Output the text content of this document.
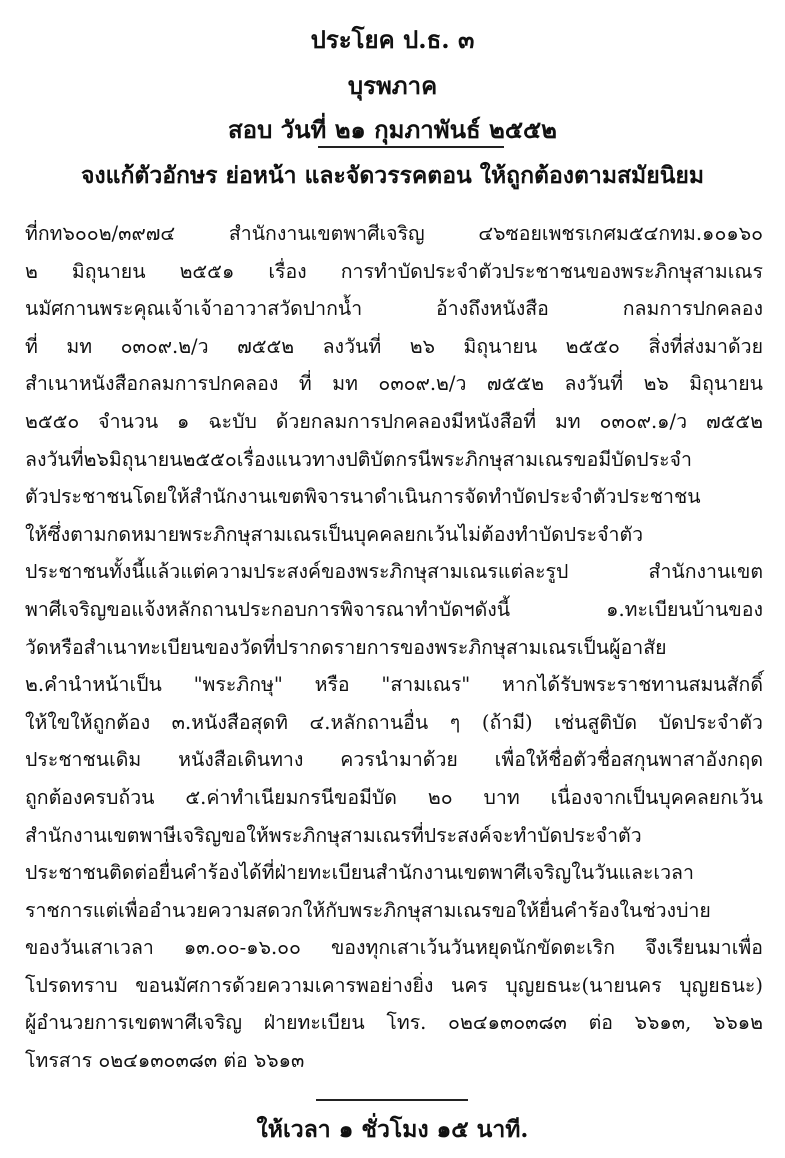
ประโยค ป.ธ. ๓
บุรพภาค
สอบ วันที่ ๒๑ กุมภาพันธ์ ๒๕๕๒
จงแก้ตัวอักษร ย่อหน้า และจัดวรรคตอน ให้ถูกต้องตามสมัยนิยม
ที่กท๖๐๐๒/๓๙๗๔ สำนักงานเขตพาศีเจริญ ๔๖ซอยเพชรเกศม๕๔กทม.๑๐๑๖๐
๒ มิถุนายน ๒๕๕๑ เรื่อง การทำบัดประจำตัวประชาชนของพระภิกษุสามเณร
นมัศกานพระคุณเจ้าเจ้าอาวาสวัดปากน้ำ อ้างถึงหนังสือ กลมการปกคลอง
ที่ มท ๐๓๐๙.๒/ว ๗๕๕๒ ลงวันที่ ๒๖ มิถุนายน ๒๕๕๐ สิ่งที่ส่งมาด้วย
สำเนาหนังสือกลมการปกคลอง ที่ มท ๐๓๐๙.๒/ว ๗๕๕๒ ลงวันที่ ๒๖ มิถุนายน
๒๕๕๐ จำนวน ๑ ฉะบับ ด้วยกลมการปกคลองมีหนังสือที่ มท ๐๓๐๙.๑/ว ๗๕๕๒
ลงวันที่๒๖มิถุนายน๒๕๕๐เรื่องแนวทางปติบัตกรนีพระภิกษุสามเณรขอมีบัดประจำ
ตัวประชาชนโดยให้สำนักงานเขตพิจารนาดำเนินการจัดทำบัดประจำตัวประชาชน
ให้ซึ่งตามกดหมายพระภิกษุสามเณรเป็นบุคคลยกเว้นไม่ต้องทำบัดประจำตัว
ประชาชนทั้งนี้แล้วแต่ความประสงค์ของพระภิกษุสามเณรแต่ละรูป สำนักงานเขต
พาศีเจริญขอแจ้งหลักถานประกอบการพิจารณาทำบัดฯดังนี้ ๑.ทะเบียนบ้านของ
วัดหรือสำเนาทะเบียนของวัดที่ปรากดรายการของพระภิกษุสามเณรเป็นผู้อาสัย
๒.คำนำหน้าเป็น "พระภิกษุ" หรือ "สามเณร" หากได้รับพระราชทานสมนสักดิ์
ให้ใขให้ถูกต้อง ๓.หนังสือสุดทิ ๔.หลักถานอื่น ๆ (ถ้ามี) เช่นสูติบัด บัดประจำตัว
ประชาชนเดิม หนังสือเดินทาง ควรนำมาด้วย เพื่อให้ชื่อตัวชื่อสกุนพาสาอังกฤด
ถูกต้องครบถ้วน ๕.ค่าทำเนียมกรนีขอมีบัด ๒๐ บาท เนื่องจากเป็นบุคคลยกเว้น
สำนักงานเขตพาษีเจริญขอให้พระภิกษุสามเณรที่ประสงค์จะทำบัดประจำตัว
ประชาชนติดต่อยื่นคำร้องได้ที่ฝ่ายทะเบียนสำนักงานเขตพาศีเจริญในวันและเวลา
ราชการแต่เพื่ออำนวยความสดวกให้กับพระภิกษุสามเณรขอให้ยื่นคำร้องในช่วงบ่าย
ของวันเสาเวลา ๑๓.๐๐-๑๖.๐๐ ของทุกเสาเว้นวันหยุดนักขัดตะเริก จึงเรียนมาเพื่อ
โปรดทราบ ขอนมัศการด้วยความเคารพอย่างยิ่ง นคร บุญยธนะ(นายนคร บุญยธนะ)
ผู้อำนวยการเขตพาศีเจริญ ฝ่ายทะเบียน โทร. ๐๒๔๑๓๐๓๘๓ ต่อ ๖๖๑๓, ๖๖๑๒
โทรสาร ๐๒๔๑๓๐๓๘๓ ต่อ ๖๖๑๓
ให้เวลา ๑ ชั่วโมง ๑๕ นาที.
